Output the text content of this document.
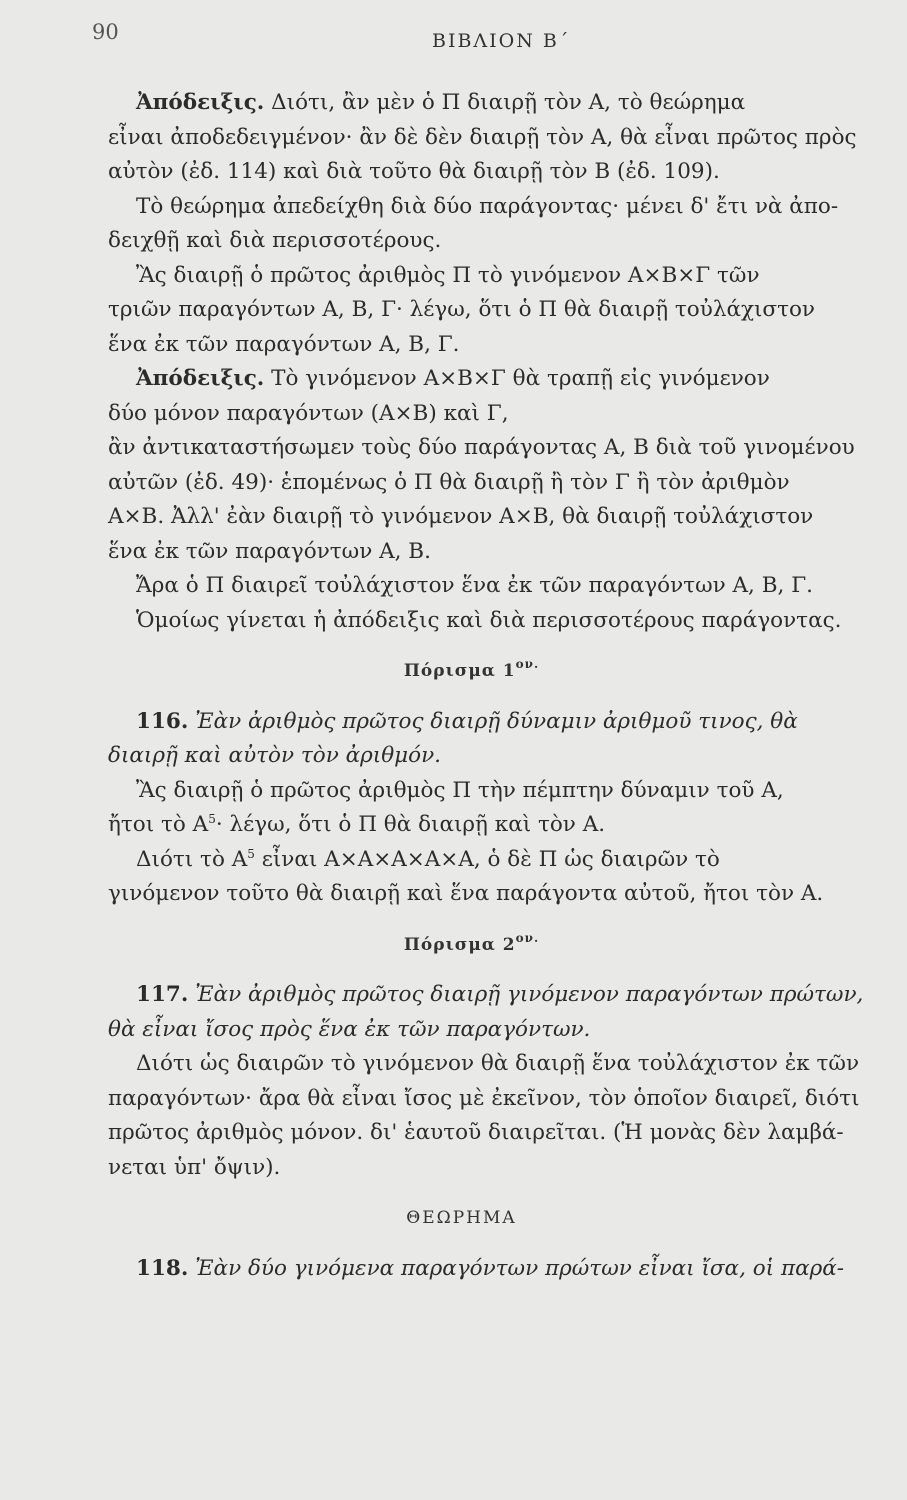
90	ΒΙΒΛΙΟΝ Β΄
Ἀπόδειξις. Διότι, ἂν μὲν ὁ Π διαιρῇ τὸν Α, τὸ θεώρημα
εἶναι ἀποδεδειγμένον· ἂν δὲ δὲν διαιρῇ τὸν Α, θὰ εἶναι πρῶτος πρὸς
αὐτὸν (ἐδ. 114) καὶ διὰ τοῦτο θὰ διαιρῇ τὸν Β (ἐδ. 109).
Τὸ θεώρημα ἀπεδείχθη διὰ δύο παράγοντας· μένει δ' ἔτι νὰ ἀπο-
δειχθῇ καὶ διὰ περισσοτέρους.
Ἂς διαιρῇ ὁ πρῶτος ἀριθμὸς Π τὸ γινόμενον Α×Β×Γ τῶν
τριῶν παραγόντων Α, Β, Γ· λέγω, ὅτι ὁ Π θὰ διαιρῇ τοὐλάχιστον
ἕνα ἐκ τῶν παραγόντων Α, Β, Γ.
Ἀπόδειξις. Τὸ γινόμενον Α×Β×Γ θὰ τραπῇ εἰς γινόμενον
δύο μόνον παραγόντων (Α×Β) καὶ Γ,
ἂν ἀντικαταστήσωμεν τοὺς δύο παράγοντας Α, Β διὰ τοῦ γινομένου
αὐτῶν (ἐδ. 49)· ἑπομένως ὁ Π θὰ διαιρῇ ἢ τὸν Γ ἢ τὸν ἀριθμὸν
Α×Β. Ἀλλ' ἐὰν διαιρῇ τὸ γινόμενον Α×Β, θὰ διαιρῇ τοὐλάχιστον
ἕνα ἐκ τῶν παραγόντων Α, Β.
Ἄρα ὁ Π διαιρεῖ τοὐλάχιστον ἕνα ἐκ τῶν παραγόντων Α, Β, Γ.
Ὁμοίως γίνεται ἡ ἀπόδειξις καὶ διὰ περισσοτέρους παράγοντας.
Πόρισμα $1^{o\nu.}$
116. Ἐὰν ἀριθμὸς πρῶτος διαιρῇ δύναμιν ἀριθμοῦ τινος, θὰ
διαιρῇ καὶ αὐτὸν τὸν ἀριθμόν.
Ἂς διαιρῇ ὁ πρῶτος ἀριθμὸς Π τὴν πέμπτην δύναμιν τοῦ Α,
ἤτοι τὸ $A^5\cdot \lambda έ\gamma\omega$, ὅτι ὁ Π θὰ διαιρῇ καὶ τὸν Α.
Διότι τὸ $A^5$ εἶναι Α×Α×Α×Α×Α, ὁ δὲ Π ὡς διαιρῶν τὸ
γινόμενον τοῦτο θὰ διαιρῇ καὶ ἕνα παράγοντα αὐτοῦ, ἤτοι τὸν Α.
Πόρισμα $2^{o\nu.}$
117. Ἐὰν ἀριθμὸς πρῶτος διαιρῇ γινόμενον παραγόντων πρώτων,
θὰ εἶναι ἴσος πρὸς ἕνα ἐκ τῶν παραγόντων.
Διότι ὡς διαιρῶν τὸ γινόμενον θὰ διαιρῇ ἕνα τοὐλάχιστον ἐκ τῶν
παραγόντων· ἄρα θὰ εἶναι ἴσος μὲ ἐκεῖνον, τὸν ὁποῖον διαιρεῖ, διότι
πρῶτος ἀριθμὸς μόνον. δι' ἑαυτοῦ διαιρεῖται. (Ἡ μονὰς δὲν λαμβά-
νεται ὑπ' ὄψιν).
ΘΕΩΡΗΜΑ
118. Ἐὰν δύο γινόμενα παραγόντων πρώτων εἶναι ἴσα, οἱ παρά-
